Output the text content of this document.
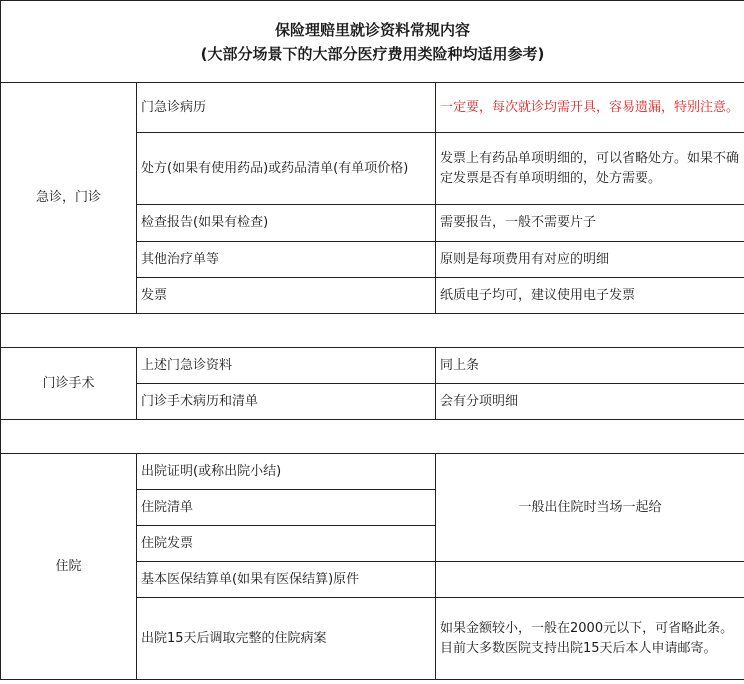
保险理赔里就诊资料常规内容
(大部分场景下的大部分医疗费用类险种均适用参考)		

急诊，门诊	门急诊病历	一定要，每次就诊均需开具，容易遗漏，特别注意。
	处方(如果有使用药品)或药品清单(有单项价格)	发票上有药品单项明细的，可以省略处方。如果不确定发票是否有单项明细的，处方需要。
	检查报告(如果有检查)	需要报告，一般不需要片子
	其他治疗单等	原则是每项费用有对应的明细
	发票	纸质电子均可，建议使用电子发票

门诊手术	上述门急诊资料	同上条
	门诊手术病历和清单	会有分项明细

住院	出院证明(或称出院小结)	一般出住院时当场一起给
	住院清单	
	住院发票	
	基本医保结算单(如果有医保结算)原件	
	出院15天后调取完整的住院病案	如果金额较小，一般在2000元以下，可省略此条。目前大多数医院支持出院15天后本人申请邮寄。
